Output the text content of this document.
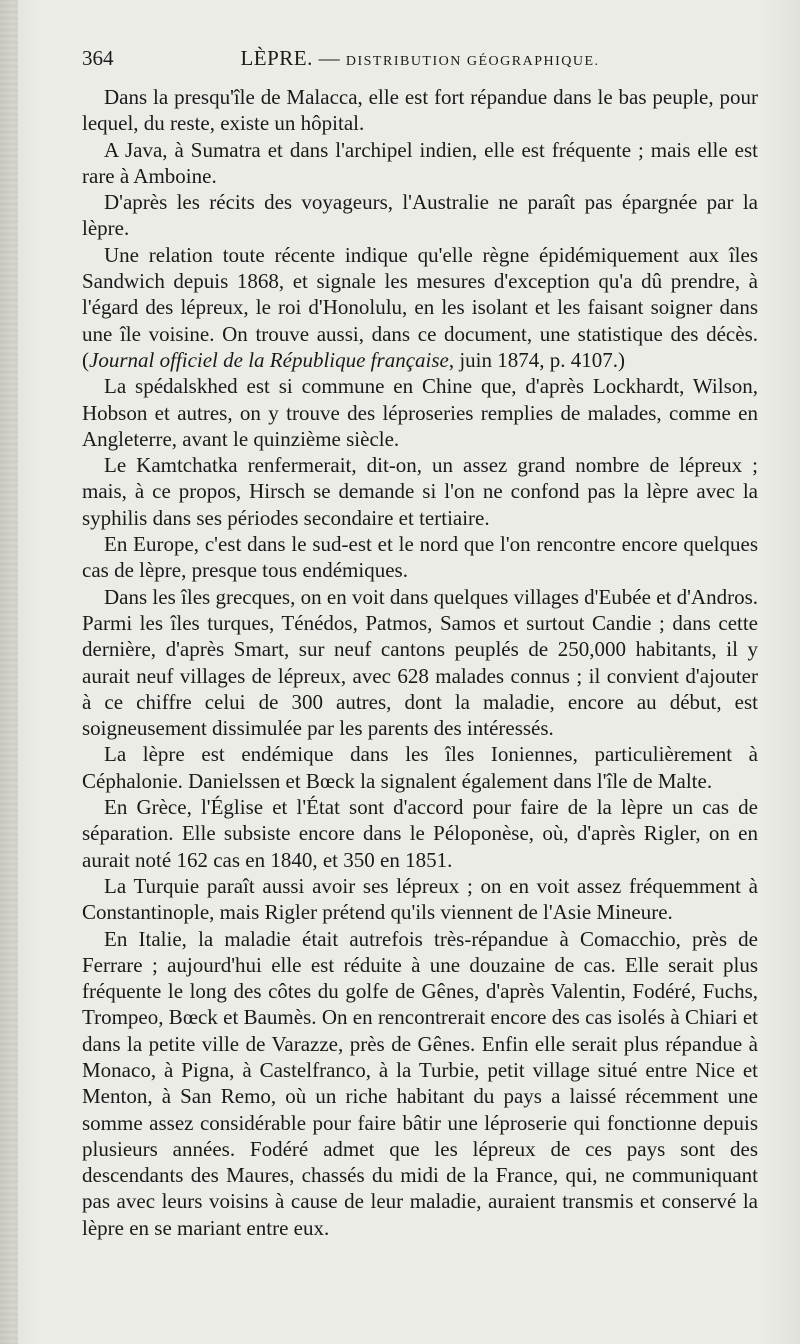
364	LÈPRE. — DISTRIBUTION GÉOGRAPHIQUE.

Dans la presqu'île de Malacca, elle est fort répandue dans le bas peuple, pour lequel, du reste, existe un hôpital.

A Java, à Sumatra et dans l'archipel indien, elle est fréquente ; mais elle est rare à Amboine.

D'après les récits des voyageurs, l'Australie ne paraît pas épargnée par la lèpre.

Une relation toute récente indique qu'elle règne épidémiquement aux îles Sandwich depuis 1868, et signale les mesures d'exception qu'a dû prendre, à l'égard des lépreux, le roi d'Honolulu, en les isolant et les faisant soigner dans une île voisine. On trouve aussi, dans ce document, une statistique des décès. (Journal officiel de la République française, juin 1874, p. 4107.)

La spédalskhed est si commune en Chine que, d'après Lockhardt, Wilson, Hobson et autres, on y trouve des léproseries remplies de malades, comme en Angleterre, avant le quinzième siècle.

Le Kamtchatka renfermerait, dit-on, un assez grand nombre de lépreux ; mais, à ce propos, Hirsch se demande si l'on ne confond pas la lèpre avec la syphilis dans ses périodes secondaire et tertiaire.

En Europe, c'est dans le sud-est et le nord que l'on rencontre encore quelques cas de lèpre, presque tous endémiques.

Dans les îles grecques, on en voit dans quelques villages d'Eubée et d'Andros. Parmi les îles turques, Ténédos, Patmos, Samos et surtout Candie ; dans cette dernière, d'après Smart, sur neuf cantons peuplés de 250,000 habitants, il y aurait neuf villages de lépreux, avec 628 malades connus ; il convient d'ajouter à ce chiffre celui de 300 autres, dont la maladie, encore au début, est soigneusement dissimulée par les parents des intéressés.

La lèpre est endémique dans les îles Ioniennes, particulièrement à Céphalonie. Danielssen et Bœck la signalent également dans l'île de Malte.

En Grèce, l'Église et l'État sont d'accord pour faire de la lèpre un cas de séparation. Elle subsiste encore dans le Péloponèse, où, d'après Rigler, on en aurait noté 162 cas en 1840, et 350 en 1851.

La Turquie paraît aussi avoir ses lépreux ; on en voit assez fréquemment à Constantinople, mais Rigler prétend qu'ils viennent de l'Asie Mineure.

En Italie, la maladie était autrefois très-répandue à Comacchio, près de Ferrare ; aujourd'hui elle est réduite à une douzaine de cas. Elle serait plus fréquente le long des côtes du golfe de Gênes, d'après Valentin, Fodéré, Fuchs, Trompeo, Bœck et Baumès. On en rencontrerait encore des cas isolés à Chiari et dans la petite ville de Varazze, près de Gênes. Enfin elle serait plus répandue à Monaco, à Pigna, à Castelfranco, à la Turbie, petit village situé entre Nice et Menton, à San Remo, où un riche habitant du pays a laissé récemment une somme assez considérable pour faire bâtir une léproserie qui fonctionne depuis plusieurs années. Fodéré admet que les lépreux de ces pays sont des descendants des Maures, chassés du midi de la France, qui, ne communiquant pas avec leurs voisins à cause de leur maladie, auraient transmis et conservé la lèpre en se mariant entre eux.
